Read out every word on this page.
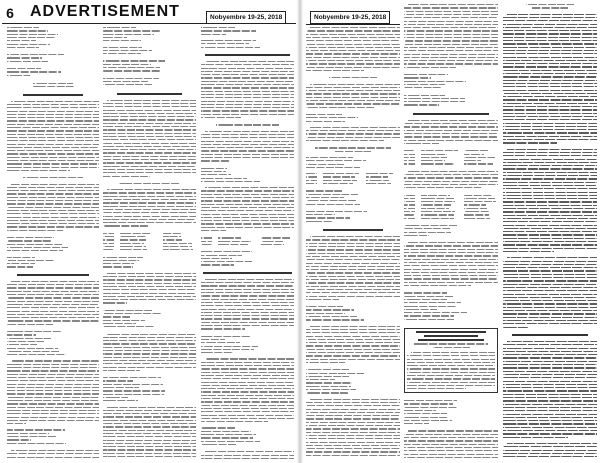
6 ADVERTISEMENT	Nobyembre 19-25, 2018	Nobyembre 19-25, 2018
